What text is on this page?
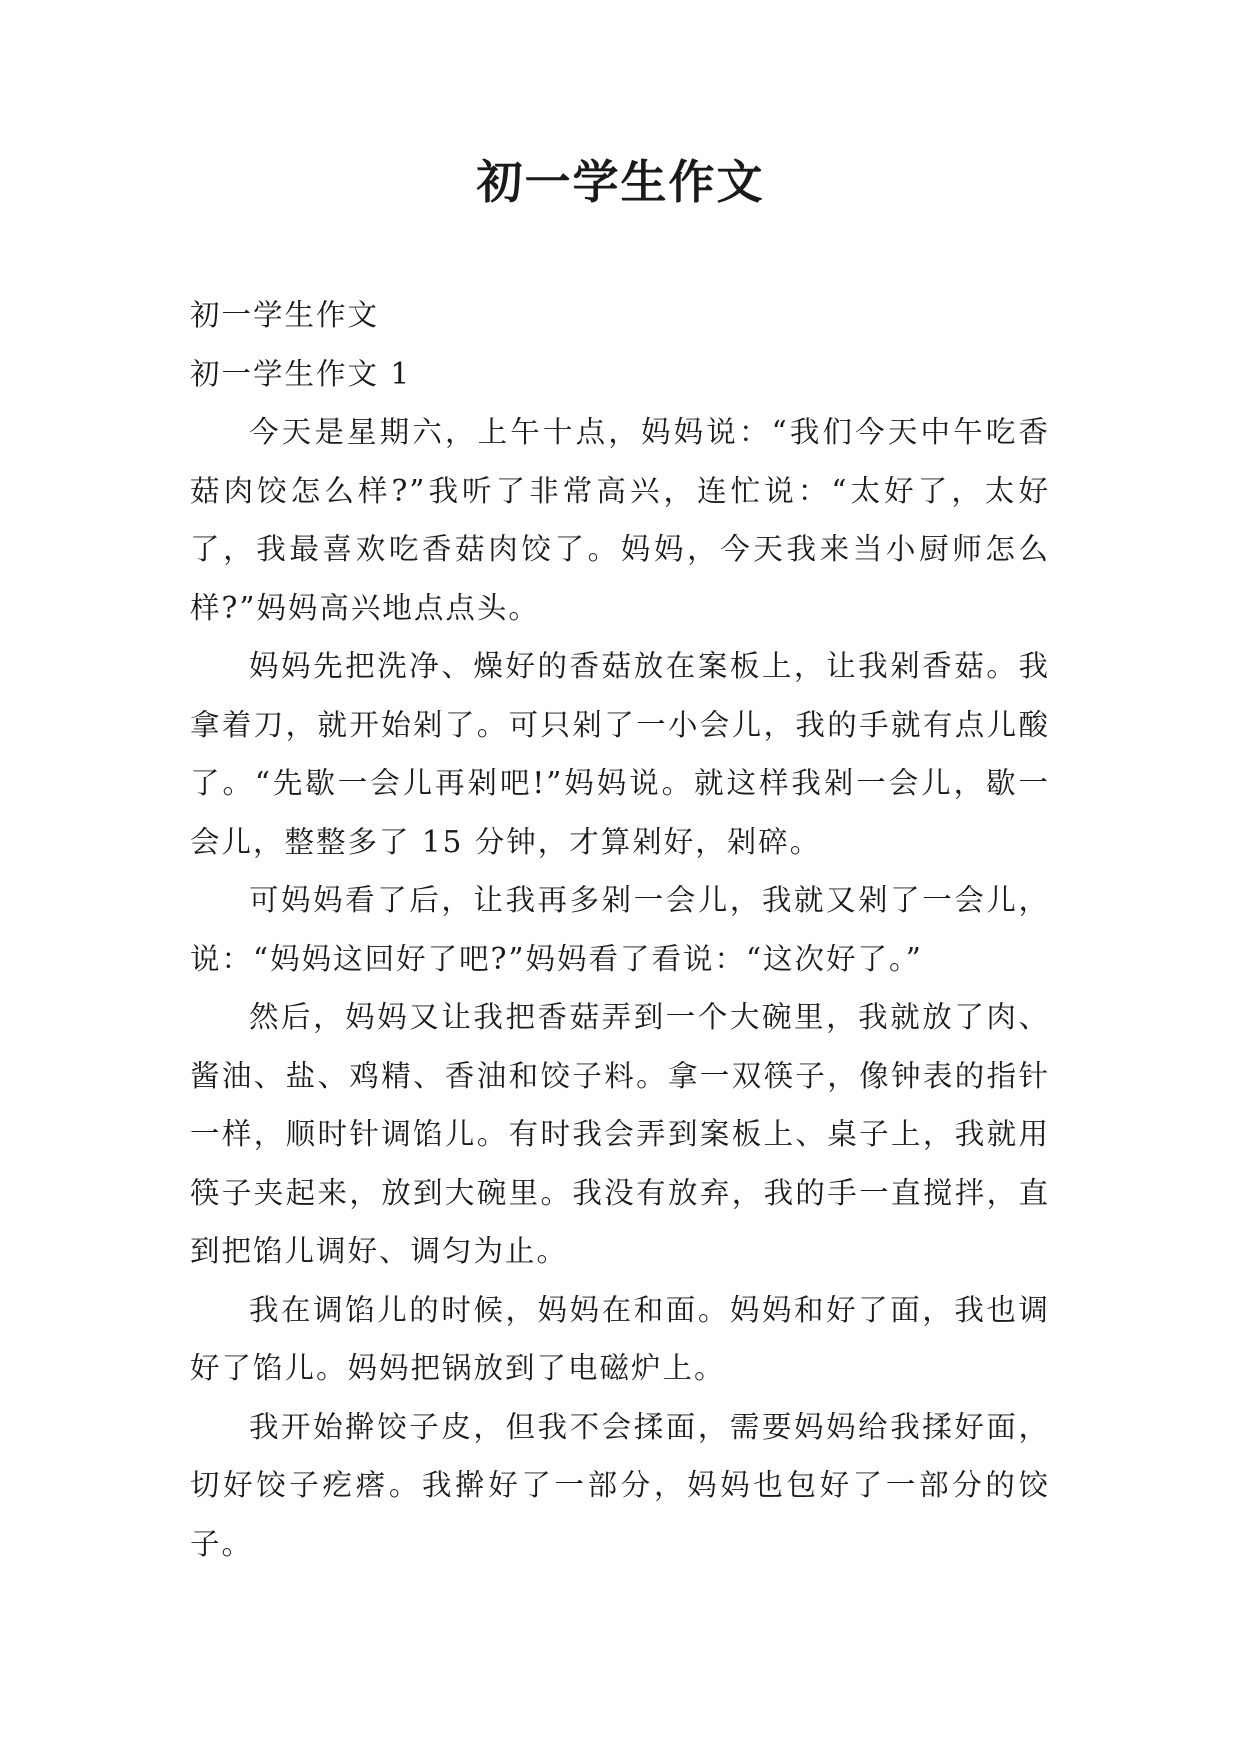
初一学生作文

初一学生作文

初一学生作文 1

今天是星期六，上午十点，妈妈说：“我们今天中午吃香菇肉饺怎么样?”我听了非常高兴，连忙说：“太好了，太好了，我最喜欢吃香菇肉饺了。妈妈，今天我来当小厨师怎么样?”妈妈高兴地点点头。

妈妈先把洗净、燥好的香菇放在案板上，让我剁香菇。我拿着刀，就开始剁了。可只剁了一小会儿，我的手就有点儿酸了。“先歇一会儿再剁吧!”妈妈说。就这样我剁一会儿，歇一会儿，整整多了 15 分钟，才算剁好，剁碎。

可妈妈看了后，让我再多剁一会儿，我就又剁了一会儿，说：“妈妈这回好了吧?”妈妈看了看说：“这次好了。”

然后，妈妈又让我把香菇弄到一个大碗里，我就放了肉、酱油、盐、鸡精、香油和饺子料。拿一双筷子，像钟表的指针一样，顺时针调馅儿。有时我会弄到案板上、桌子上，我就用筷子夹起来，放到大碗里。我没有放弃，我的手一直搅拌，直到把馅儿调好、调匀为止。

我在调馅儿的时候，妈妈在和面。妈妈和好了面，我也调好了馅儿。妈妈把锅放到了电磁炉上。

我开始擀饺子皮，但我不会揉面，需要妈妈给我揉好面，切好饺子疙瘩。我擀好了一部分，妈妈也包好了一部分的饺子。
